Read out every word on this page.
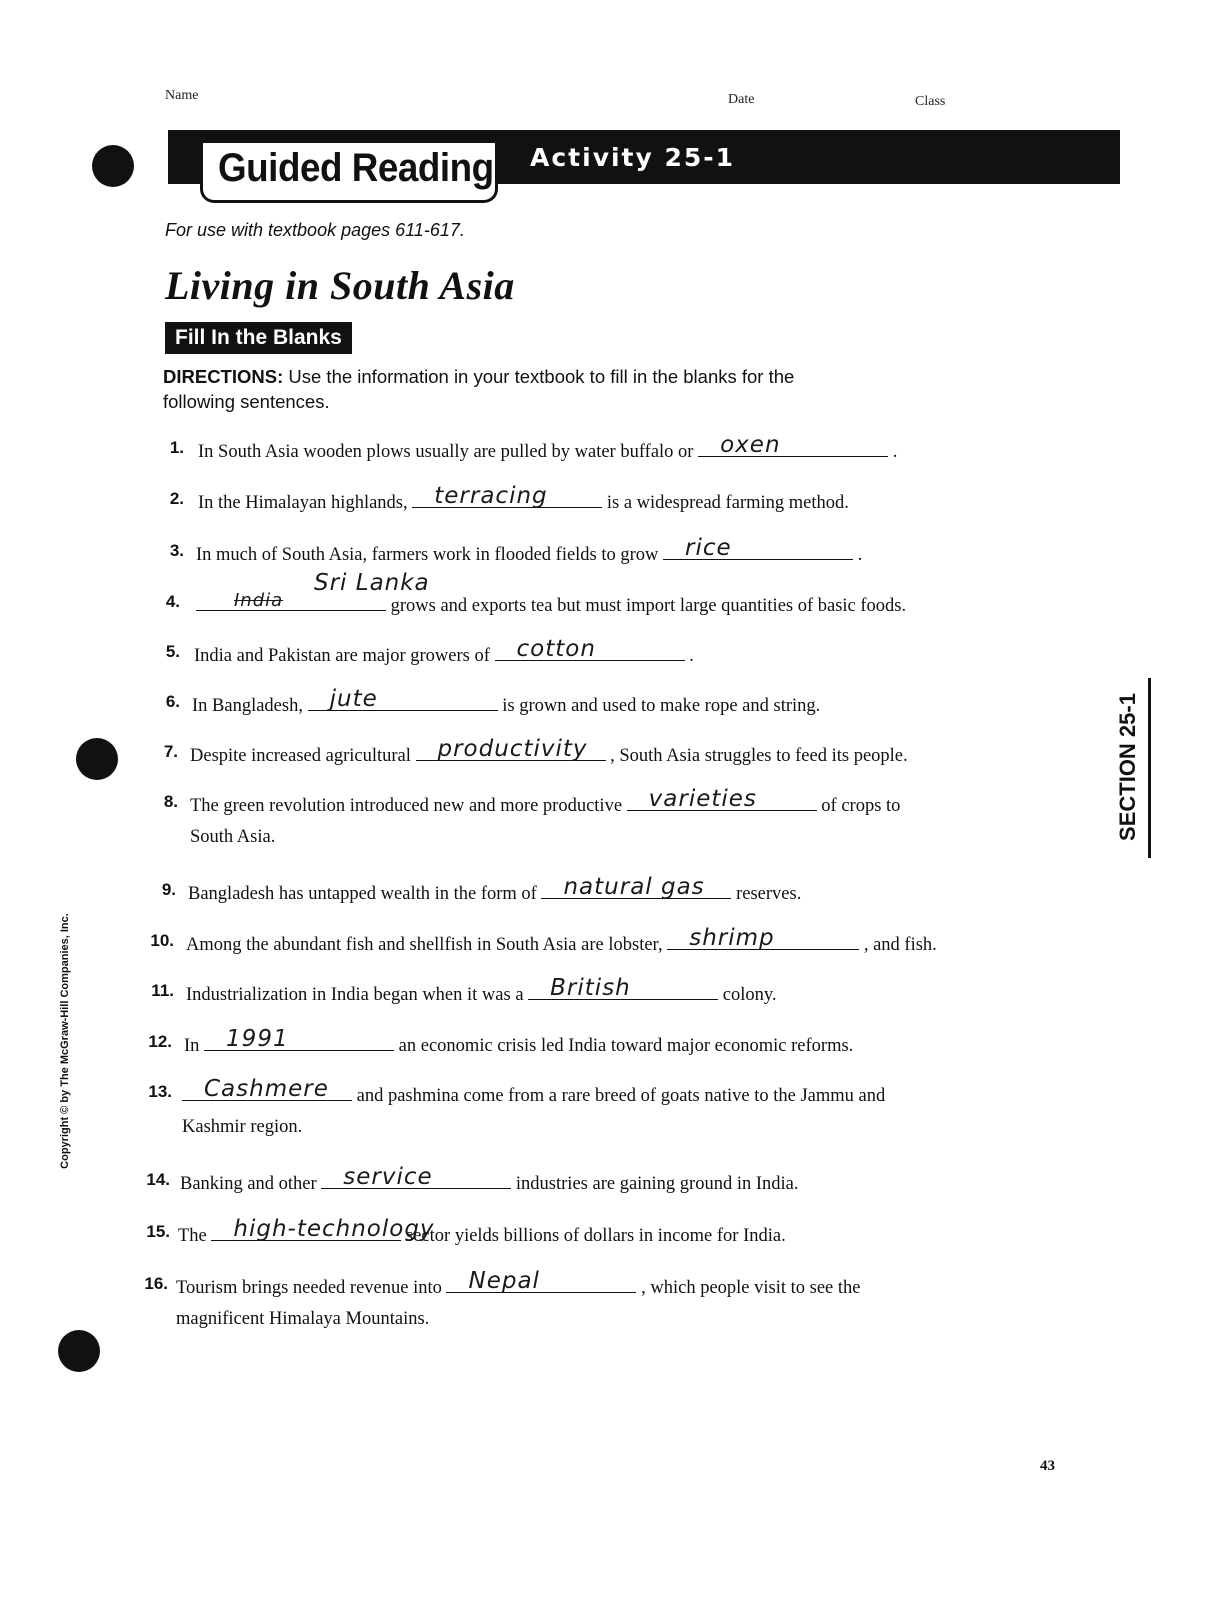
Name	Date	Class
Guided Reading Activity 25-1
For use with textbook pages 611-617.
Living in South Asia
Fill In the Blanks
DIRECTIONS: Use the information in your textbook to fill in the blanks for the following sentences.
1. In South Asia wooden plows usually are pulled by water buffalo or oxen	.
2. In the Himalayan highlands, terracing	is a widespread farming method.
3. In much of South Asia, farmers work in flooded fields to grow rice	.
4.	India
Sri Lanka
grows and exports tea but must import large quantities of basic foods.
5. India and Pakistan are major growers of cotton	.
6. In Bangladesh, jute	is grown and used to make rope and string.
7. Despite increased agricultural productivity , South Asia struggles to feed its people.
8. The green revolution introduced new and more productive varieties	of crops to
South Asia.
9. Bangladesh has untapped wealth in the form of natural gas reserves.
10. Among the abundant fish and shellfish in South Asia are lobster, shrimp	, and fish.
11. Industrialization in India began when it was a British	colony.
12. In 1991	an economic crisis led India toward major economic reforms.
13. Cashmere and pashmina come from a rare breed of goats native to the Jammu and
Kashmir region.
14. Banking and other service	industries are gaining ground in India.
15. The high-technology
sector yields billions of dollars in income for India.
16. Tourism brings needed revenue into Nepal	, which people visit to see the
magnificent Himalaya Mountains.
SECTION 25-1
Copyright © by The McGraw-Hill Companies, Inc.
43
